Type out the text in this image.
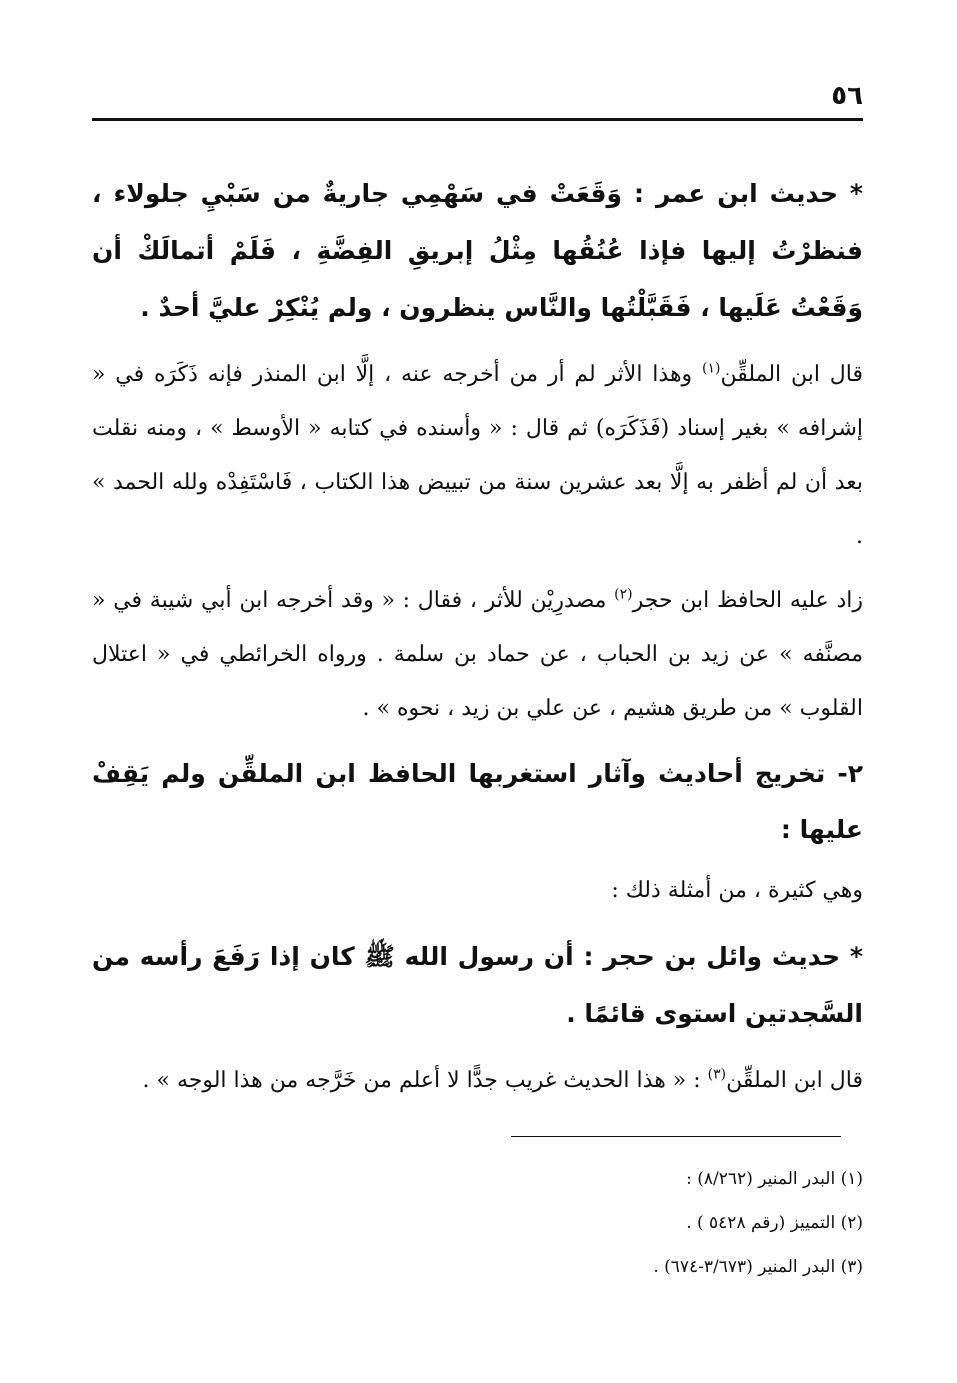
٥٦

* حديث ابن عمر : وَقَعَتْ في سَهْمِي جاريةٌ من سَبْيِ جلولاء ، فنظرْتُ إليها فإذا عُنُقُها مِثْلُ إبريقِ الفِضَّةِ ، فَلَمْ أتمالَكْ أن وَقَعْتُ عَلَيها ، فَقَبَّلْتُها والنَّاس ينظرون ، ولم يُنْكِرْ عليَّ أحدٌ .

قال ابن الملقِّن$^{(١)}$ وهذا الأثر لم أر من أخرجه عنه ، إلَّا ابن المنذر فإنه ذَكَرَه في « إشرافه » بغير إسناد (فَذَكَرَه) ثم قال : « وأسنده في كتابه « الأوسط » ، ومنه نقلت بعد أن لم أظفر به إلَّا بعد عشرين سنة من تبييض هذا الكتاب ، فَاسْتَفِدْه ولله الحمد » .

زاد عليه الحافظ ابن حجر$^{(٢)}$ مصدرِيْن للأثر ، فقال : « وقد أخرجه ابن أبي شيبة في « مصنَّفه » عن زيد بن الحباب ، عن حماد بن سلمة . ورواه الخرائطي في « اعتلال القلوب » من طريق هشيم ، عن علي بن زيد ، نحوه » .

٢- تخريج أحاديث وآثار استغربها الحافظ ابن الملقِّن ولم يَقِفْ عليها :

وهي كثيرة ، من أمثلة ذلك :

* حديث وائل بن حجر : أن رسول الله ﷺ كان إذا رَفَعَ رأسه من السَّجدتين استوى قائمًا .

قال ابن الملقِّن$^{(٣)}$ : « هذا الحديث غريب جدًّا لا أعلم من خَرَّجه من هذا الوجه » .

(١) البدر المنير (٨/٢٦٢) :
(٢) التمييز (رقم ٥٤٢٨ ) .
(٣) البدر المنير (٣/٦٧٣-٦٧٤) .
